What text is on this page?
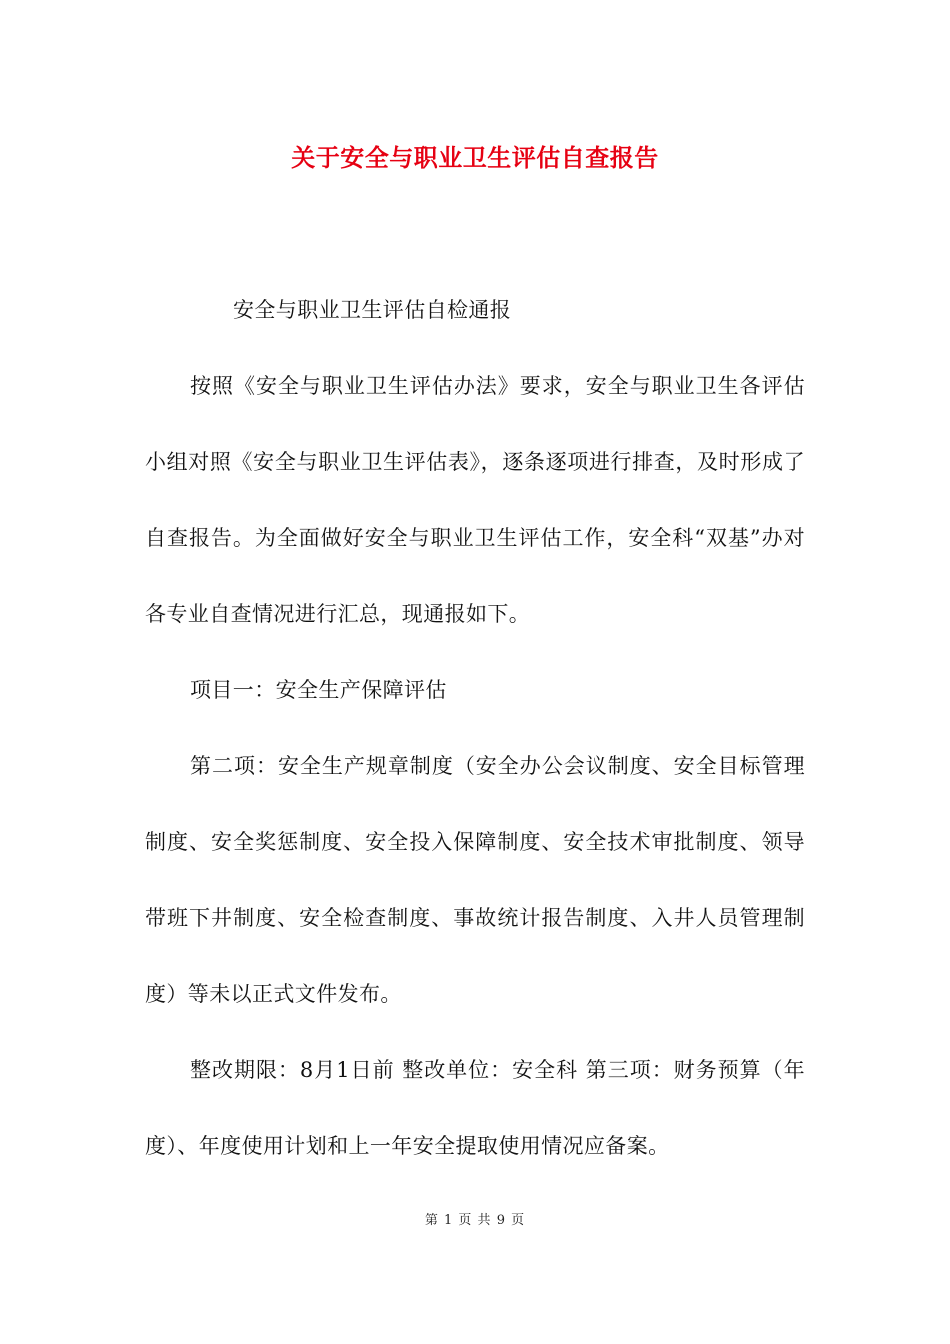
关于安全与职业卫生评估自查报告

安全与职业卫生评估自检通报

按照《安全与职业卫生评估办法》要求，安全与职业卫生各评估小组对照《安全与职业卫生评估表》，逐条逐项进行排查，及时形成了自查报告。为全面做好安全与职业卫生评估工作，安全科“双基”办对各专业自查情况进行汇总，现通报如下。

项目一：安全生产保障评估

第二项：安全生产规章制度（安全办公会议制度、安全目标管理制度、安全奖惩制度、安全投入保障制度、安全技术审批制度、领导带班下井制度、安全检查制度、事故统计报告制度、入井人员管理制度）等未以正式文件发布。

整改期限：8月1日前 整改单位：安全科 第三项：财务预算（年度）、年度使用计划和上一年安全提取使用情况应备案。

第 1 页 共 9 页
